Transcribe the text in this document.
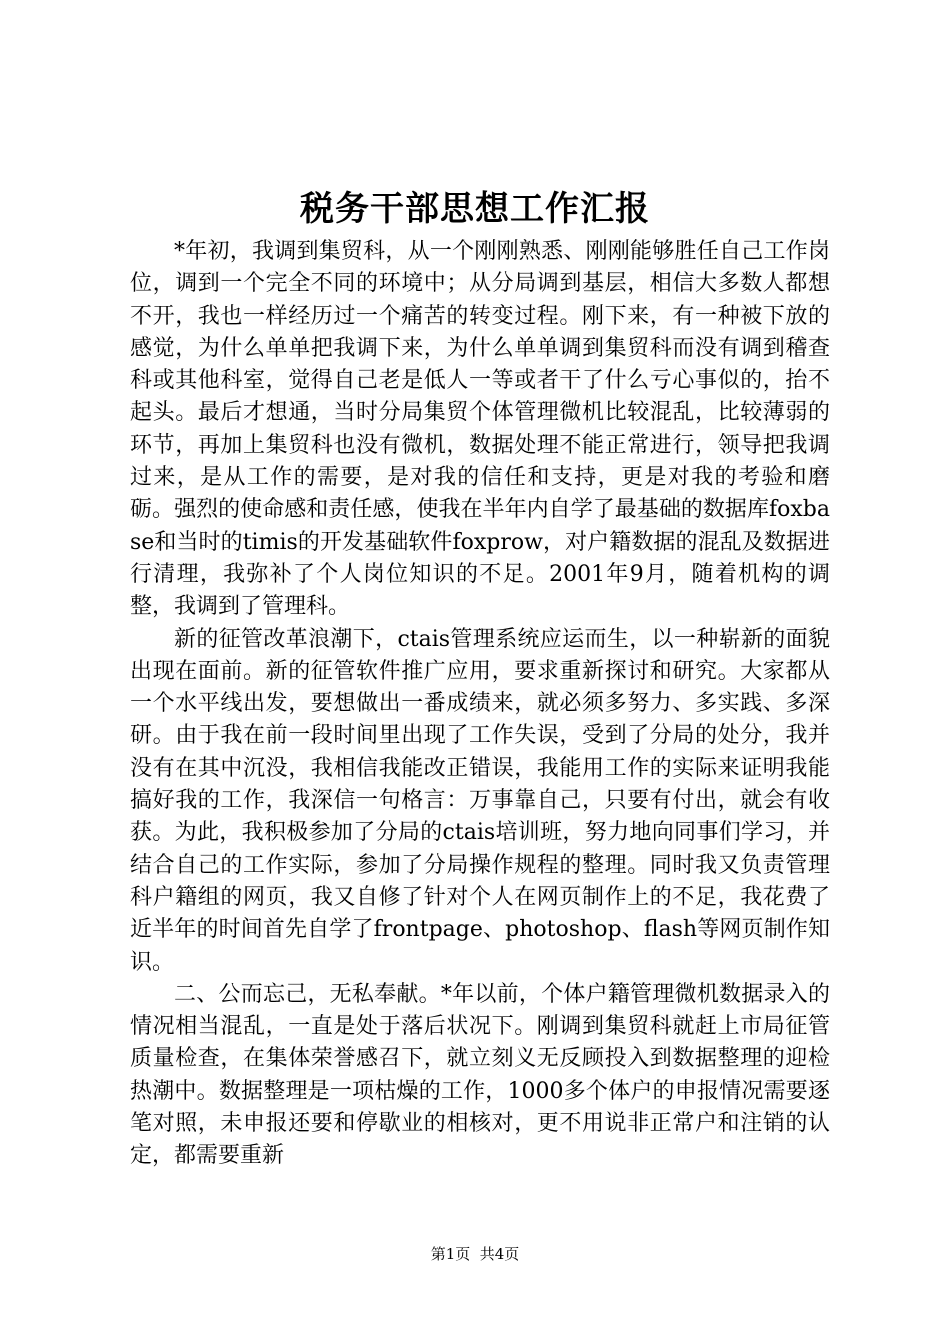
税务干部思想工作汇报

*年初，我调到集贸科，从一个刚刚熟悉、刚刚能够胜任自己工作岗位，调到一个完全不同的环境中；从分局调到基层，相信大多数人都想不开，我也一样经历过一个痛苦的转变过程。刚下来，有一种被下放的感觉，为什么单单把我调下来，为什么单单调到集贸科而没有调到稽查科或其他科室，觉得自己老是低人一等或者干了什么亏心事似的，抬不起头。最后才想通，当时分局集贸个体管理微机比较混乱，比较薄弱的环节，再加上集贸科也没有微机，数据处理不能正常进行，领导把我调过来，是从工作的需要，是对我的信任和支持，更是对我的考验和磨砺。强烈的使命感和责任感，使我在半年内自学了最基础的数据库foxbase和当时的timis的开发基础软件foxprow，对户籍数据的混乱及数据进行清理，我弥补了个人岗位知识的不足。2001年9月，随着机构的调整，我调到了管理科。

新的征管改革浪潮下，ctais管理系统应运而生，以一种崭新的面貌出现在面前。新的征管软件推广应用，要求重新探讨和研究。大家都从一个水平线出发，要想做出一番成绩来，就必须多努力、多实践、多深研。由于我在前一段时间里出现了工作失误，受到了分局的处分，我并没有在其中沉没，我相信我能改正错误，我能用工作的实际来证明我能搞好我的工作，我深信一句格言：万事靠自己，只要有付出，就会有收获。为此，我积极参加了分局的ctais培训班，努力地向同事们学习，并结合自己的工作实际，参加了分局操作规程的整理。同时我又负责管理科户籍组的网页，我又自修了针对个人在网页制作上的不足，我花费了近半年的时间首先自学了frontpage、photoshop、flash等网页制作知识。

二、公而忘己，无私奉献。*年以前，个体户籍管理微机数据录入的情况相当混乱，一直是处于落后状况下。刚调到集贸科就赶上市局征管质量检查，在集体荣誉感召下，就立刻义无反顾投入到数据整理的迎检热潮中。数据整理是一项枯燥的工作，1000多个体户的申报情况需要逐笔对照，未申报还要和停歇业的相核对，更不用说非正常户和注销的认定，都需要重新

第1页  共4页
